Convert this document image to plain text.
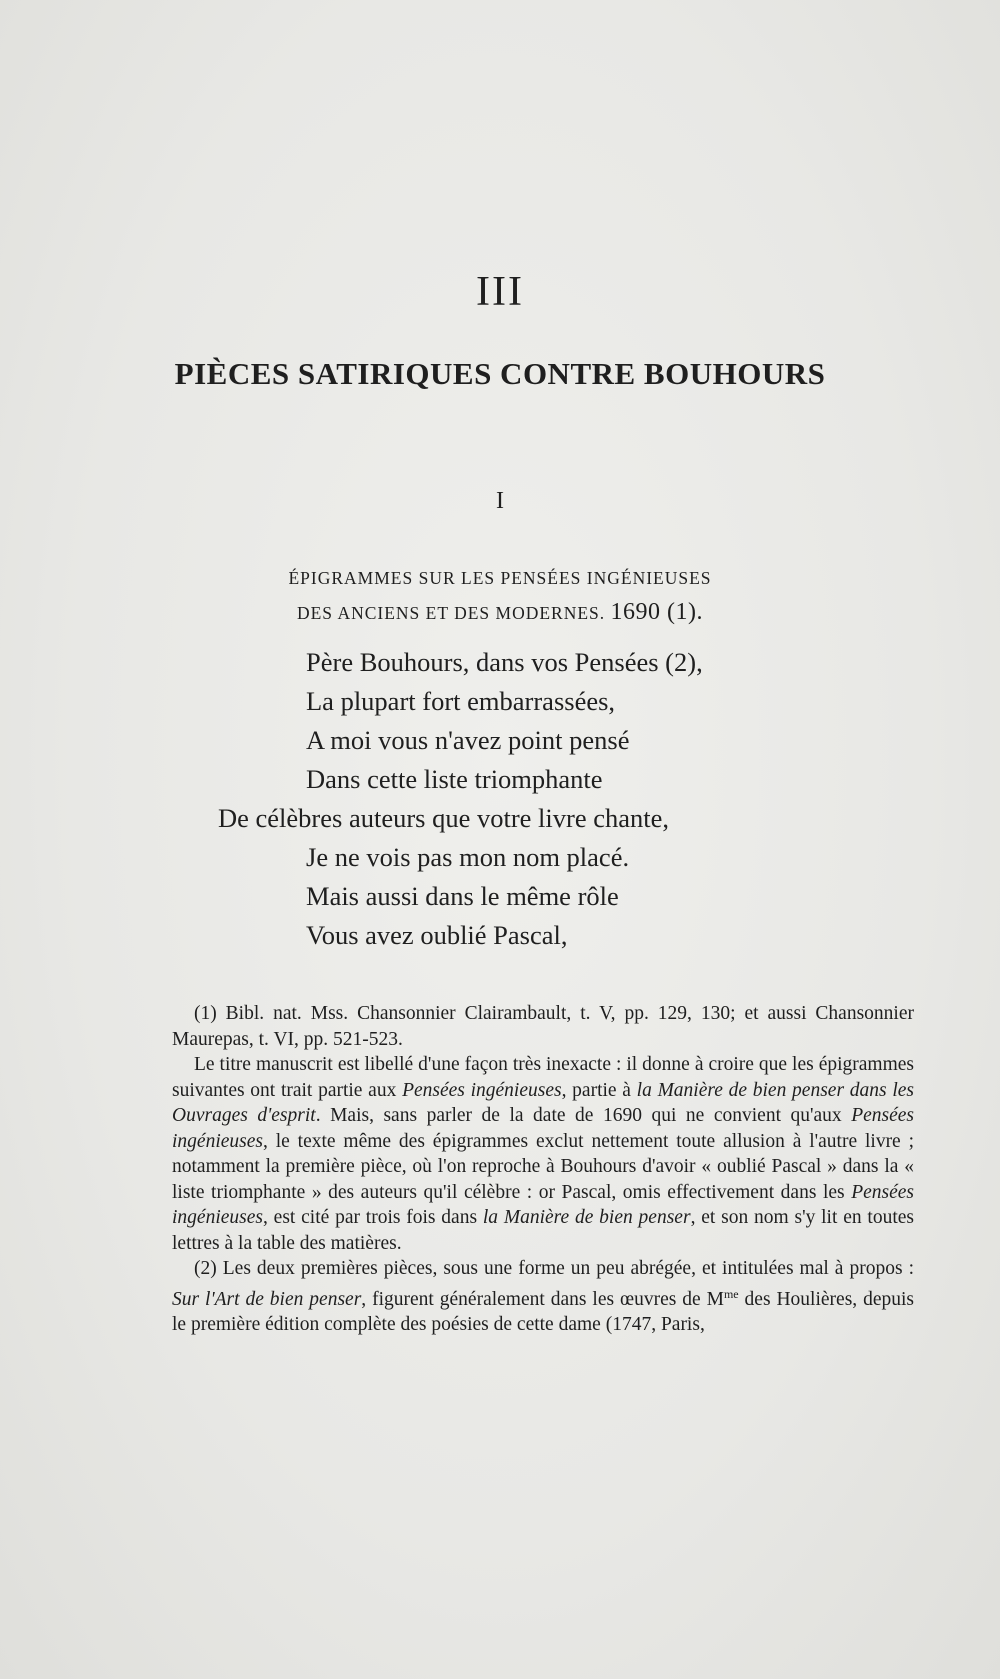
III
PIÈCES SATIRIQUES CONTRE BOUHOURS
I
ÉPIGRAMMES SUR LES PENSÉES INGÉNIEUSES
DES ANCIENS ET DES MODERNES. 1690 (1).
Père Bouhours, dans vos Pensées (2),
La plupart fort embarrassées,
A moi vous n'avez point pensé
Dans cette liste triomphante
De célèbres auteurs que votre livre chante,
Je ne vois pas mon nom placé.
Mais aussi dans le même rôle
Vous avez oublié Pascal,

(1) Bibl. nat. Mss. Chansonnier Clairambault, t. V, pp. 129, 130; et aussi Chansonnier Maurepas, t. VI, pp. 521-523.

Le titre manuscrit est libellé d'une façon très inexacte : il donne à croire que les épigrammes suivantes ont trait partie aux Pensées ingénieuses, partie à la Manière de bien penser dans les Ouvrages d'esprit. Mais, sans parler de la date de 1690 qui ne convient qu'aux Pensées ingénieuses, le texte même des épigrammes exclut nettement toute allusion à l'autre livre ; notamment la première pièce, où l'on reproche à Bouhours d'avoir « oublié Pascal » dans la « liste triomphante » des auteurs qu'il célèbre : or Pascal, omis effectivement dans les Pensées ingénieuses, est cité par trois fois dans la Manière de bien penser, et son nom s'y lit en toutes lettres à la table des matières.

(2) Les deux premières pièces, sous une forme un peu abrégée, et intitulées mal à propos : Sur l'Art de bien penser, figurent généralement dans les œuvres de $M^{me}$ des Houlières, depuis le première édition complète des poésies de cette dame (1747, Paris,
